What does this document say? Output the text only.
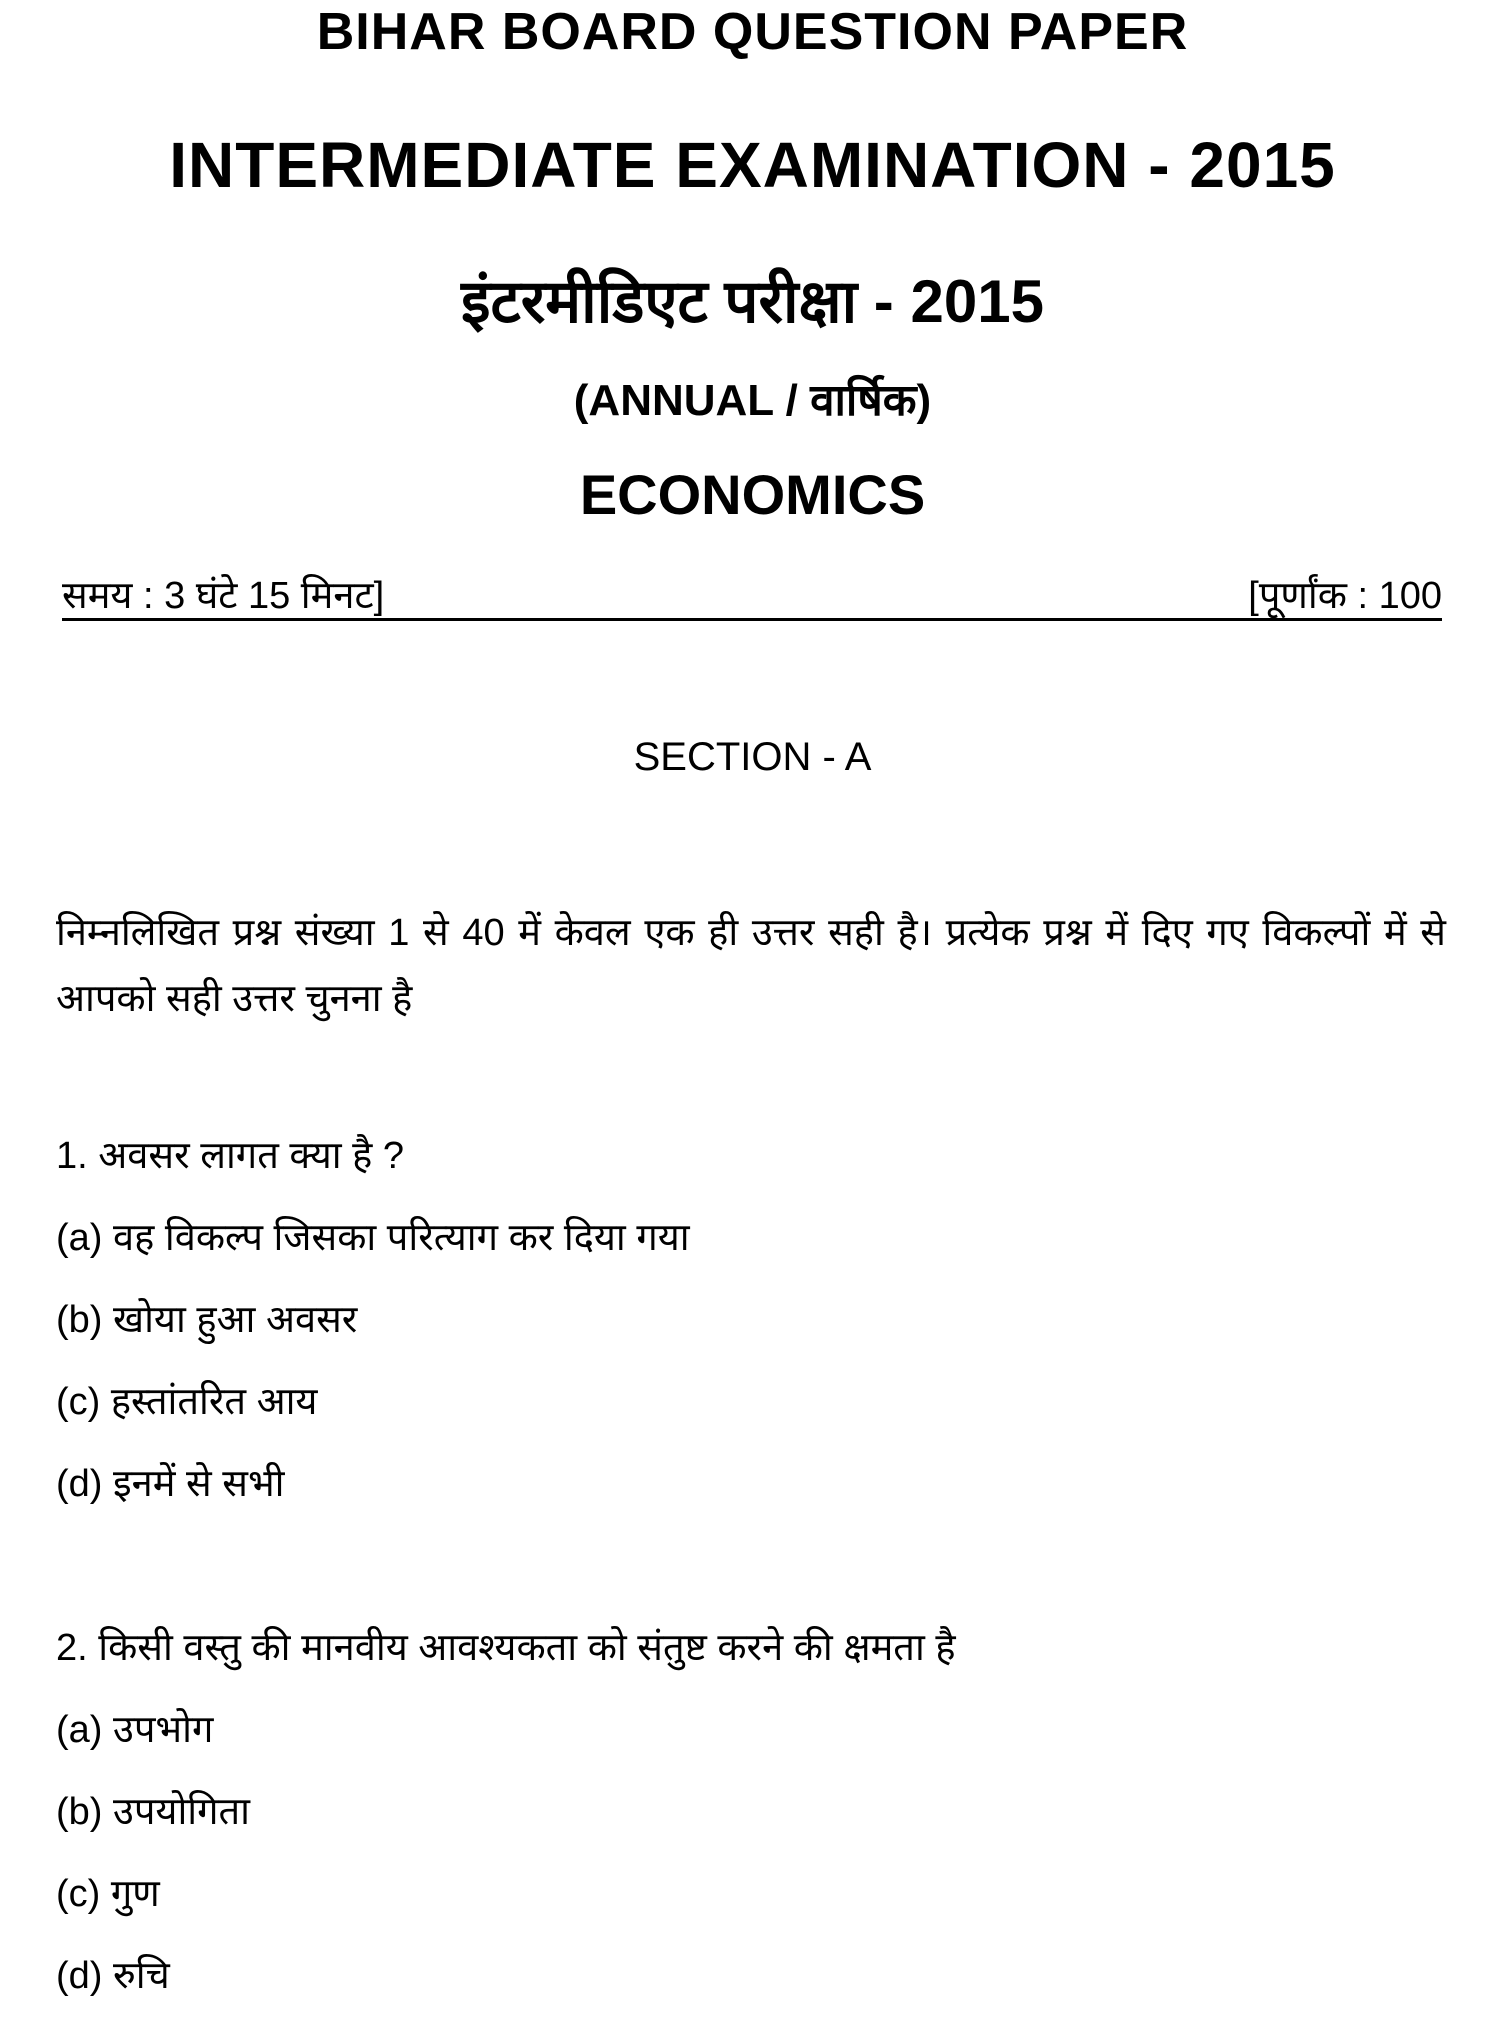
BIHAR BOARD QUESTION PAPER
INTERMEDIATE EXAMINATION - 2015
इंटरमीडिएट परीक्षा - 2015
(ANNUAL / वार्षिक)
ECONOMICS
समय : 3 घंटे 15 मिनट]	[पूर्णांक : 100
SECTION - A
निम्नलिखित प्रश्न संख्या 1 से 40 में केवल एक ही उत्तर सही है। प्रत्येक प्रश्न में दिए गए विकल्पों में से आपको सही उत्तर चुनना है
1. अवसर लागत क्या है ?
(a) वह विकल्प जिसका परित्याग कर दिया गया
(b) खोया हुआ अवसर
(c) हस्तांतरित आय
(d) इनमें से सभी
2. किसी वस्तु की मानवीय आवश्यकता को संतुष्ट करने की क्षमता है
(a) उपभोग
(b) उपयोगिता
(c) गुण
(d) रुचि
